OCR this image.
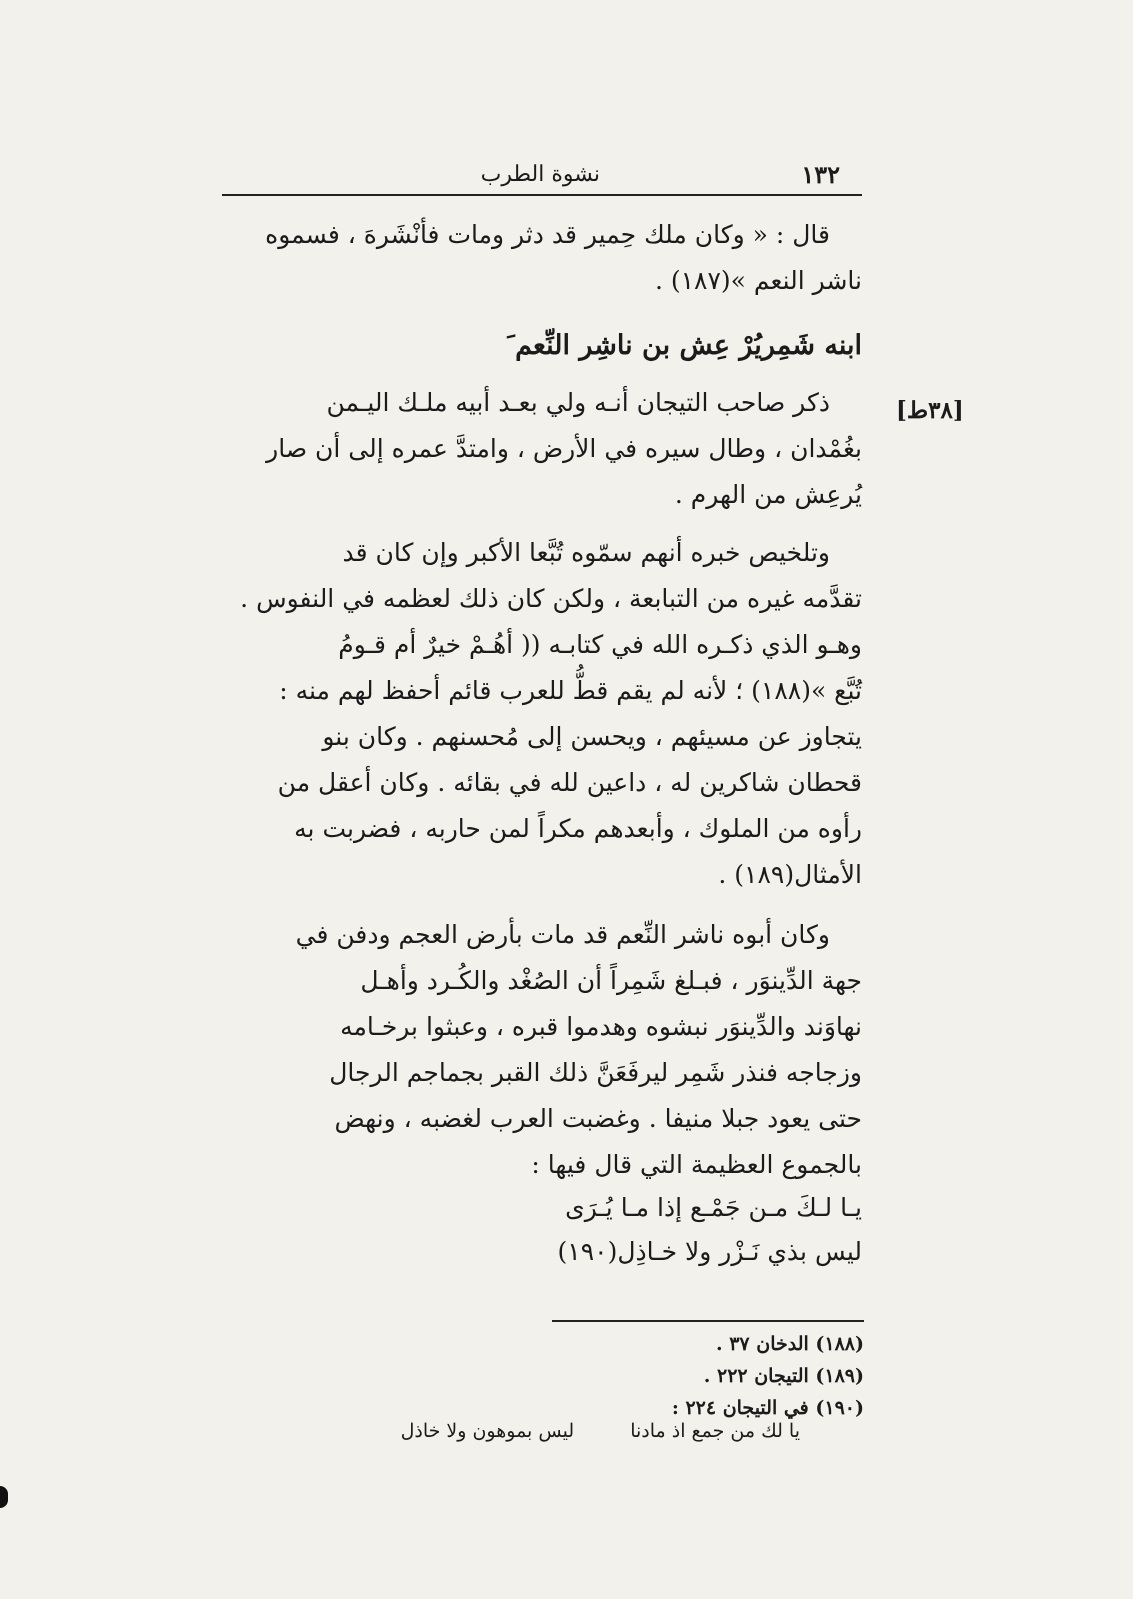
١٣٢
نشوة الطرب

قال : « وكان ملك حِمير قد دثر ومات فأنْشَرهَ ، فسموه

ناشر النعم »(١٨٧) .

ابنه شَمِريُرْ عِش بن ناشِر النِّعم َ
[٣٨ط]

ذكر صاحب التيجان أنـه ولي بعـد أبيه ملـك اليـمن

بغُمْدان ، وطال سيره في الأرض ، وامتدَّ عمره إلى أن صار

يُرعِش من الهرم .

وتلخيص خبره أنهم سمّوه تُبَّعا الأكبر وإن كان قد

تقدَّمه غيره من التبابعة ، ولكن كان ذلك لعظمه في النفوس .

وهـو الذي ذكـره الله في كتابـه (( أهُـمْ خيرٌ أم قـومُ

تُبَّع »(١٨٨) ؛ لأنه لم يقم قطُّ للعرب قائم أحفظ لهم منه :

يتجاوز عن مسيئهم ، ويحسن إلى مُحسنهم . وكان بنو

قحطان شاكرين له ، داعين لله في بقائه . وكان أعقل من

رأوه من الملوك ، وأبعدهم مكراً لمن حاربه ، فضربت به

الأمثال(١٨٩) .

وكان أبوه ناشر النِّعم قد مات بأرض العجم ودفن في

جهة الدِّينوَر ، فبـلغ شَمِراً أن الصُغْد والكُـرد وأهـل

نهاوَند والدِّينوَر نبشوه وهدموا قبره ، وعبثوا برخـامه

وزجاجه فنذر شَمِر ليرفَعَنَّ ذلك القبر بجماجم الرجال

حتى يعود جبلا منيفا . وغضبت العرب لغضبه ، ونهض

بالجموع العظيمة التي قال فيها :

يـا لـكَ مـن جَمْـع إذا مـا يُـرَى
ليس بذي نَـزْر ولا خـاذِل(١٩٠)
(١٨٨) الدخان ٣٧ .
(١٨٩) التيجان ٢٢٢ .
(١٩٠) في التيجان ٢٢٤ :
يا لك من جمع اذ مادنا ليس بموهون ولا خاذل
